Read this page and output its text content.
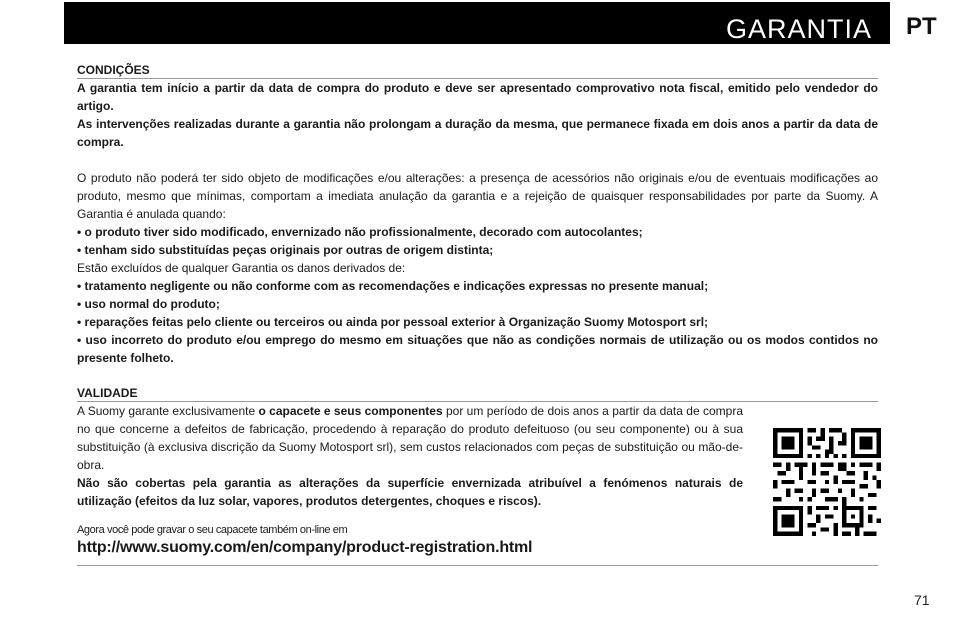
GARANTIA PT
CONDIÇÕES

A garantia tem início a partir da data de compra do produto e deve ser apresentado comprovativo nota fiscal, emitido pelo vendedor do artigo.

As intervenções realizadas durante a garantia não prolongam a duração da mesma, que permanece fixada em dois anos a partir da data de compra.

O produto não poderá ter sido objeto de modificações e/ou alterações: a presença de acessórios não originais e/ou de eventuais modificações ao produto, mesmo que mínimas, comportam a imediata anulação da garantia e a rejeição de quaisquer responsabilidades por parte da Suomy. A Garantia é anulada quando:

• o produto tiver sido modificado, envernizado não profissionalmente, decorado com autocolantes;

• tenham sido substituídas peças originais por outras de origem distinta;

Estão excluídos de qualquer Garantia os danos derivados de:

• tratamento negligente ou não conforme com as recomendações e indicações expressas no presente manual;

• uso normal do produto;

• reparações feitas pelo cliente ou terceiros ou ainda por pessoal exterior à Organização Suomy Motosport srl;

• uso incorreto do produto e/ou emprego do mesmo em situações que não as condições normais de utilização ou os modos contidos no presente folheto.

VALIDADE

A Suomy garante exclusivamente o capacete e seus componentes por um período de dois anos a partir da data de compra no que concerne a defeitos de fabricação, procedendo à reparação do produto defeituoso (ou seu componente) ou à sua substituição (à exclusiva discrição da Suomy Motosport srl), sem custos relacionados com peças de substituição ou mão-de-obra.

Não são cobertas pela garantia as alterações da superfície envernizada atribuível a fenómenos naturais de utilização (efeitos da luz solar, vapores, produtos detergentes, choques e riscos).

Agora você pode gravar o seu capacete também on-line em
http://www.suomy.com/en/company/product-registration.html
71
